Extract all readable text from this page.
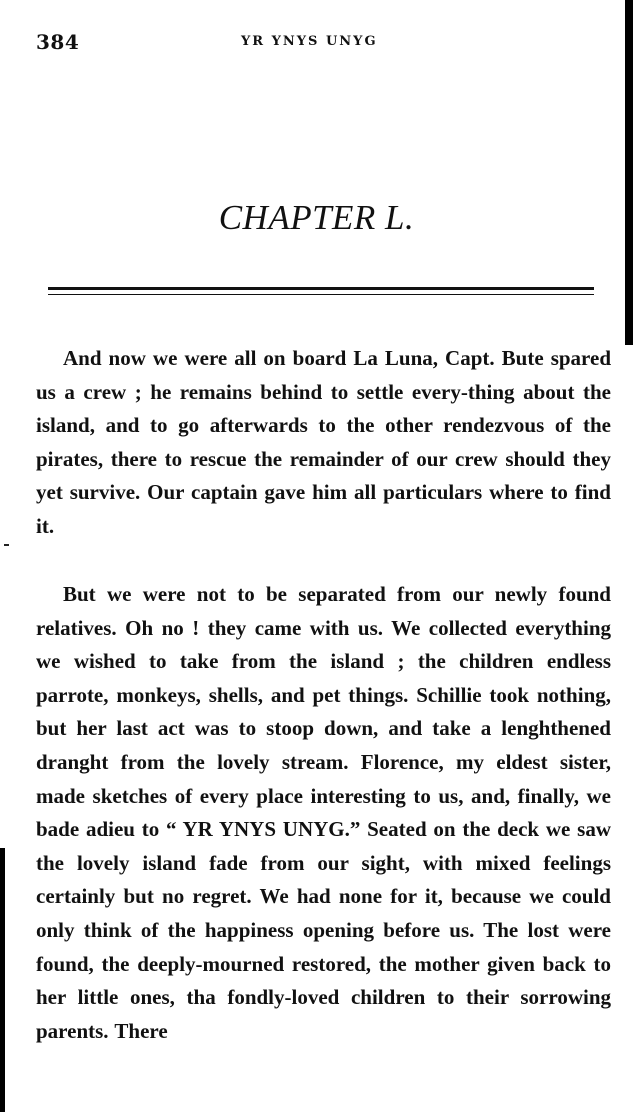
384	YR YNYS UNYG
CHAPTER L.

And now we were all on board La Luna, Capt. Bute spared us a crew ; he remains behind to settle every-thing about the island, and to go afterwards to the other rendezvous of the pirates, there to rescue the remainder of our crew should they yet survive. Our captain gave him all particulars where to find it.

But we were not to be separated from our newly found relatives. Oh no ! they came with us. We collected everything we wished to take from the island ; the children endless parrote, monkeys, shells, and pet things. Schillie took nothing, but her last act was to stoop down, and take a lenghthened dranght from the lovely stream. Florence, my eldest sister, made sketches of every place interesting to us, and, finally, we bade adieu to “ YR YNYS UNYG.” Seated on the deck we saw the lovely island fade from our sight, with mixed feelings certainly but no regret. We had none for it, because we could only think of the happiness opening before us. The lost were found, the deeply-mourned restored, the mother given back to her little ones, tha fondly-loved children to their sorrowing parents. There
